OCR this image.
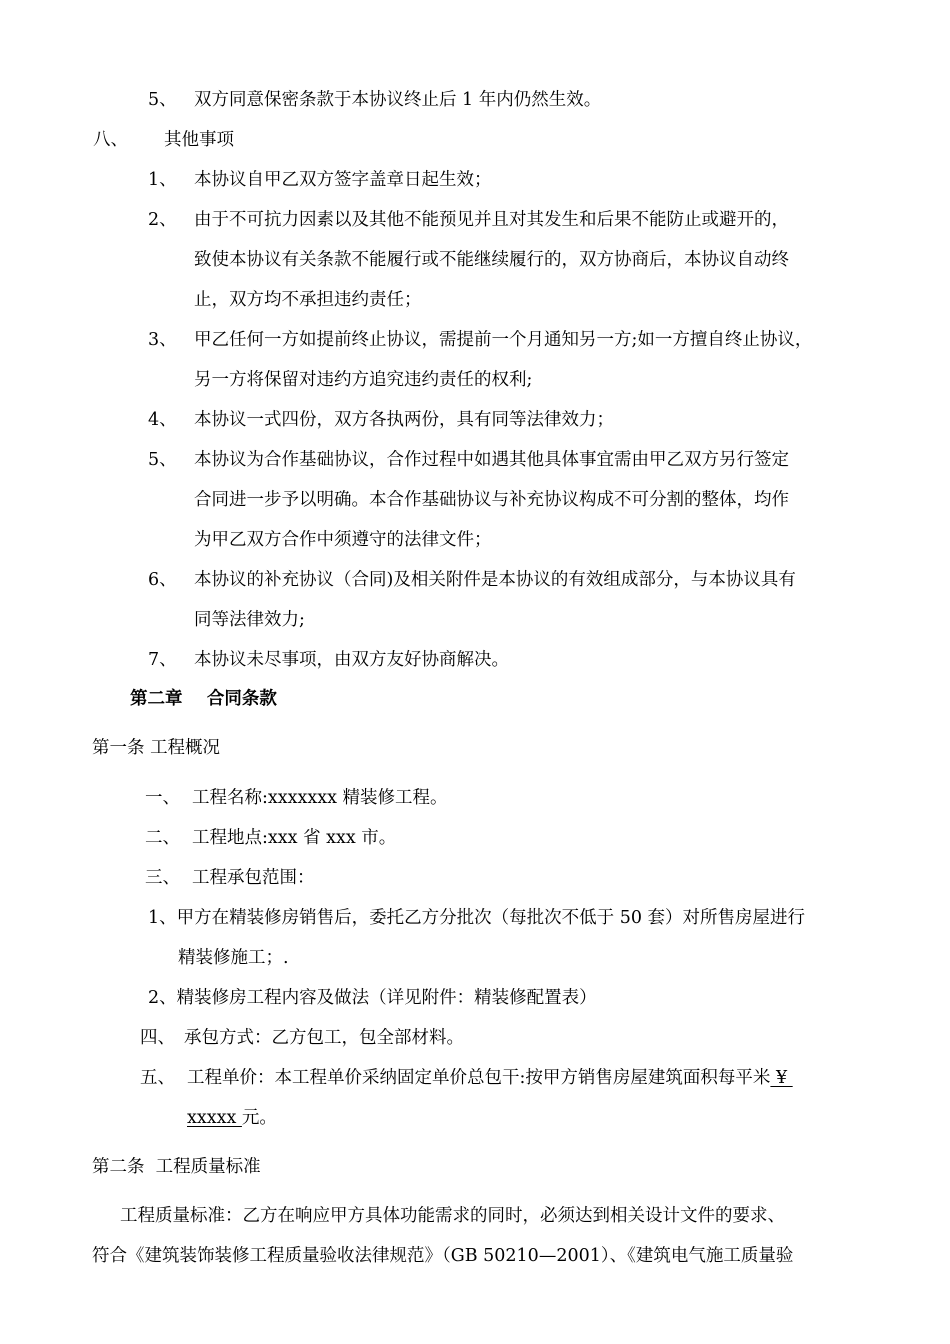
5、 双方同意保密条款于本协议终止后 1 年内仍然生效。
八、 其他事项
1、 本协议自甲乙双方签字盖章日起生效；
2、 由于不可抗力因素以及其他不能预见并且对其发生和后果不能防止或避开的，
致使本协议有关条款不能履行或不能继续履行的，双方协商后，本协议自动终
止，双方均不承担违约责任；
3、 甲乙任何一方如提前终止协议，需提前一个月通知另一方;如一方擅自终止协议，
另一方将保留对违约方追究违约责任的权利;
4、 本协议一式四份，双方各执两份，具有同等法律效力；
5、 本协议为合作基础协议，合作过程中如遇其他具体事宜需由甲乙双方另行签定
合同进一步予以明确。本合作基础协议与补充协议构成不可分割的整体，均作
为甲乙双方合作中须遵守的法律文件；
6、 本协议的补充协议（合同)及相关附件是本协议的有效组成部分，与本协议具有
同等法律效力;
7、 本协议未尽事项，由双方友好协商解决。
第二章    合同条款
第一条 工程概况
一、 工程名称:xxxxxxx 精装修工程。
二、 工程地点:xxx 省 xxx 市。
三、 工程承包范围：
1、甲方在精装修房销售后，委托乙方分批次（每批次不低于 50 套）对所售房屋进行
精装修施工；.
2、精装修房工程内容及做法（详见附件：精装修配置表）
四、 承包方式：乙方包工，包全部材料。
五、 工程单价：本工程单价采纳固定单价总包干:按甲方销售房屋建筑面积每平米 ¥
xxxxx 元。
第二条  工程质量标准
工程质量标准：乙方在响应甲方具体功能需求的同时，必须达到相关设计文件的要求、
符合《建筑装饰装修工程质量验收法律规范》（GB 50210—2001）、《建筑电气施工质量验
